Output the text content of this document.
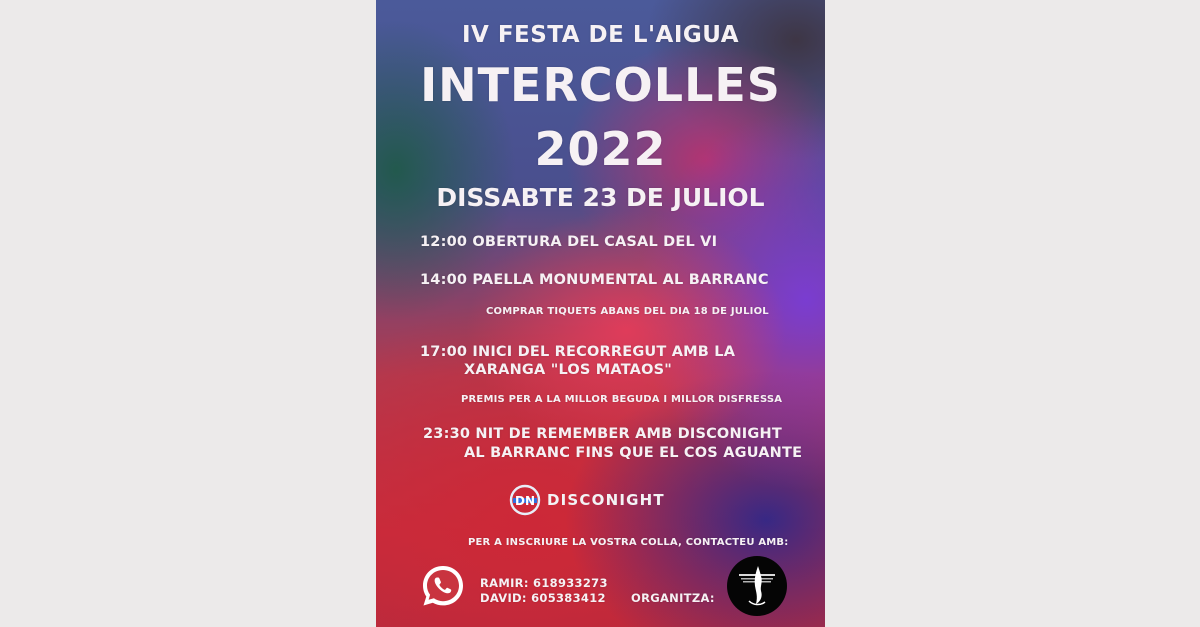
IV FESTA DE L'AIGUA
INTERCOLLES
2022
DISSABTE 23 DE JULIOL
12:00 OBERTURA DEL CASAL DEL VI
14:00 PAELLA MONUMENTAL AL BARRANC
COMPRAR TIQUETS ABANS DEL DIA 18 DE JULIOL
17:00 INICI DEL RECORREGUT AMB LA
XARANGA "LOS MATAOS"
PREMIS PER A LA MILLOR BEGUDA I MILLOR DISFRESSA
23:30 NIT DE REMEMBER AMB DISCONIGHT
AL BARRANC FINS QUE EL COS AGUANTE
DN DISCONIGHT
PER A INSCRIURE LA VOSTRA COLLA, CONTACTEU AMB:
RAMIR: 618933273
DAVID: 605383412 ORGANITZA:
